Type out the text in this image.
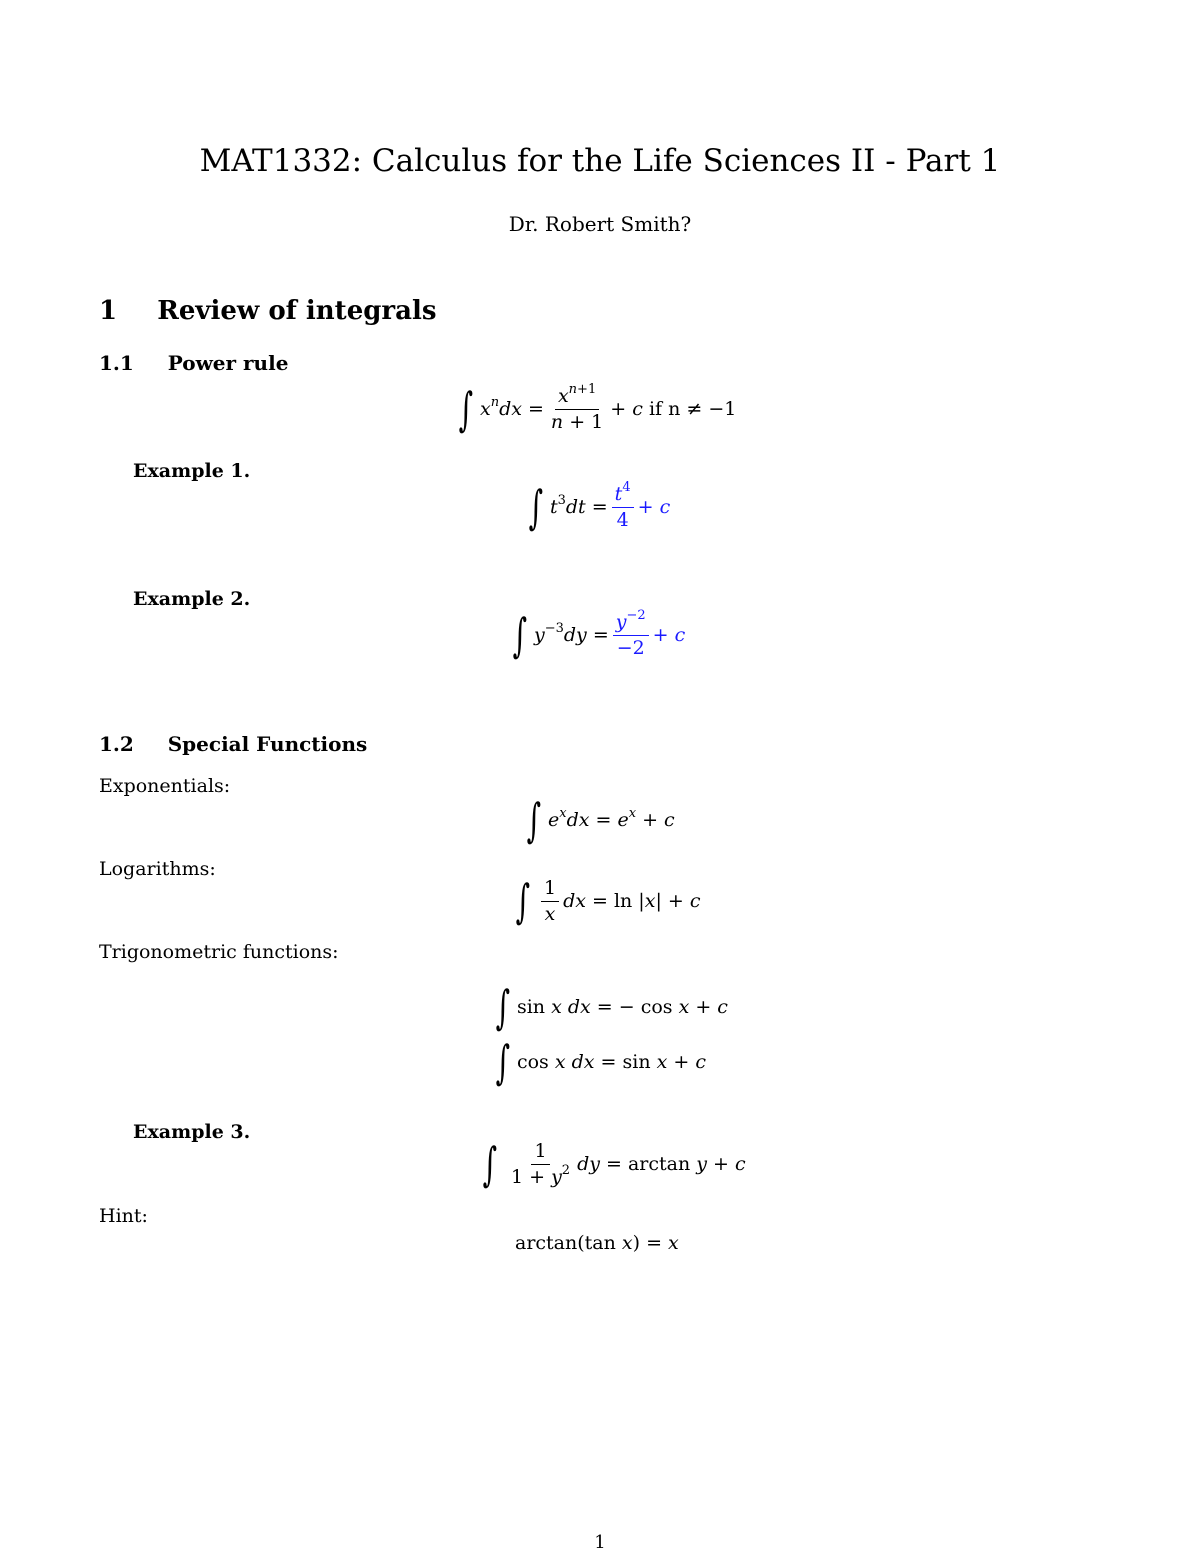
MAT1332: Calculus for the Life Sciences II - Part 1
Dr. Robert Smith?
1 Review of integrals
1.1 Power rule
∫ $x^ndx = \frac{x^{n+1}}{n + 1} + c$ if n ≠ −1
Example 1.
∫ $t^3dt = \frac{t^4}{4} + c$
Example 2.
∫ $y^{-3}dy = \frac{y^{-2}}{-2} + c$
1.2 Special Functions
Exponentials:
∫ $e^xdx = e^x + c$
Logarithms:
∫ $\frac{1}{x}$ dx = ln |x| + c
Trigonometric functions:
∫ sin x dx = − cos x + c
∫ cos x dx = sin x + c
Example 3.
∫ $\frac{1}{1 + y^2}$ dy = arctan y + c
Hint:
arctan(tan x) = x
1
